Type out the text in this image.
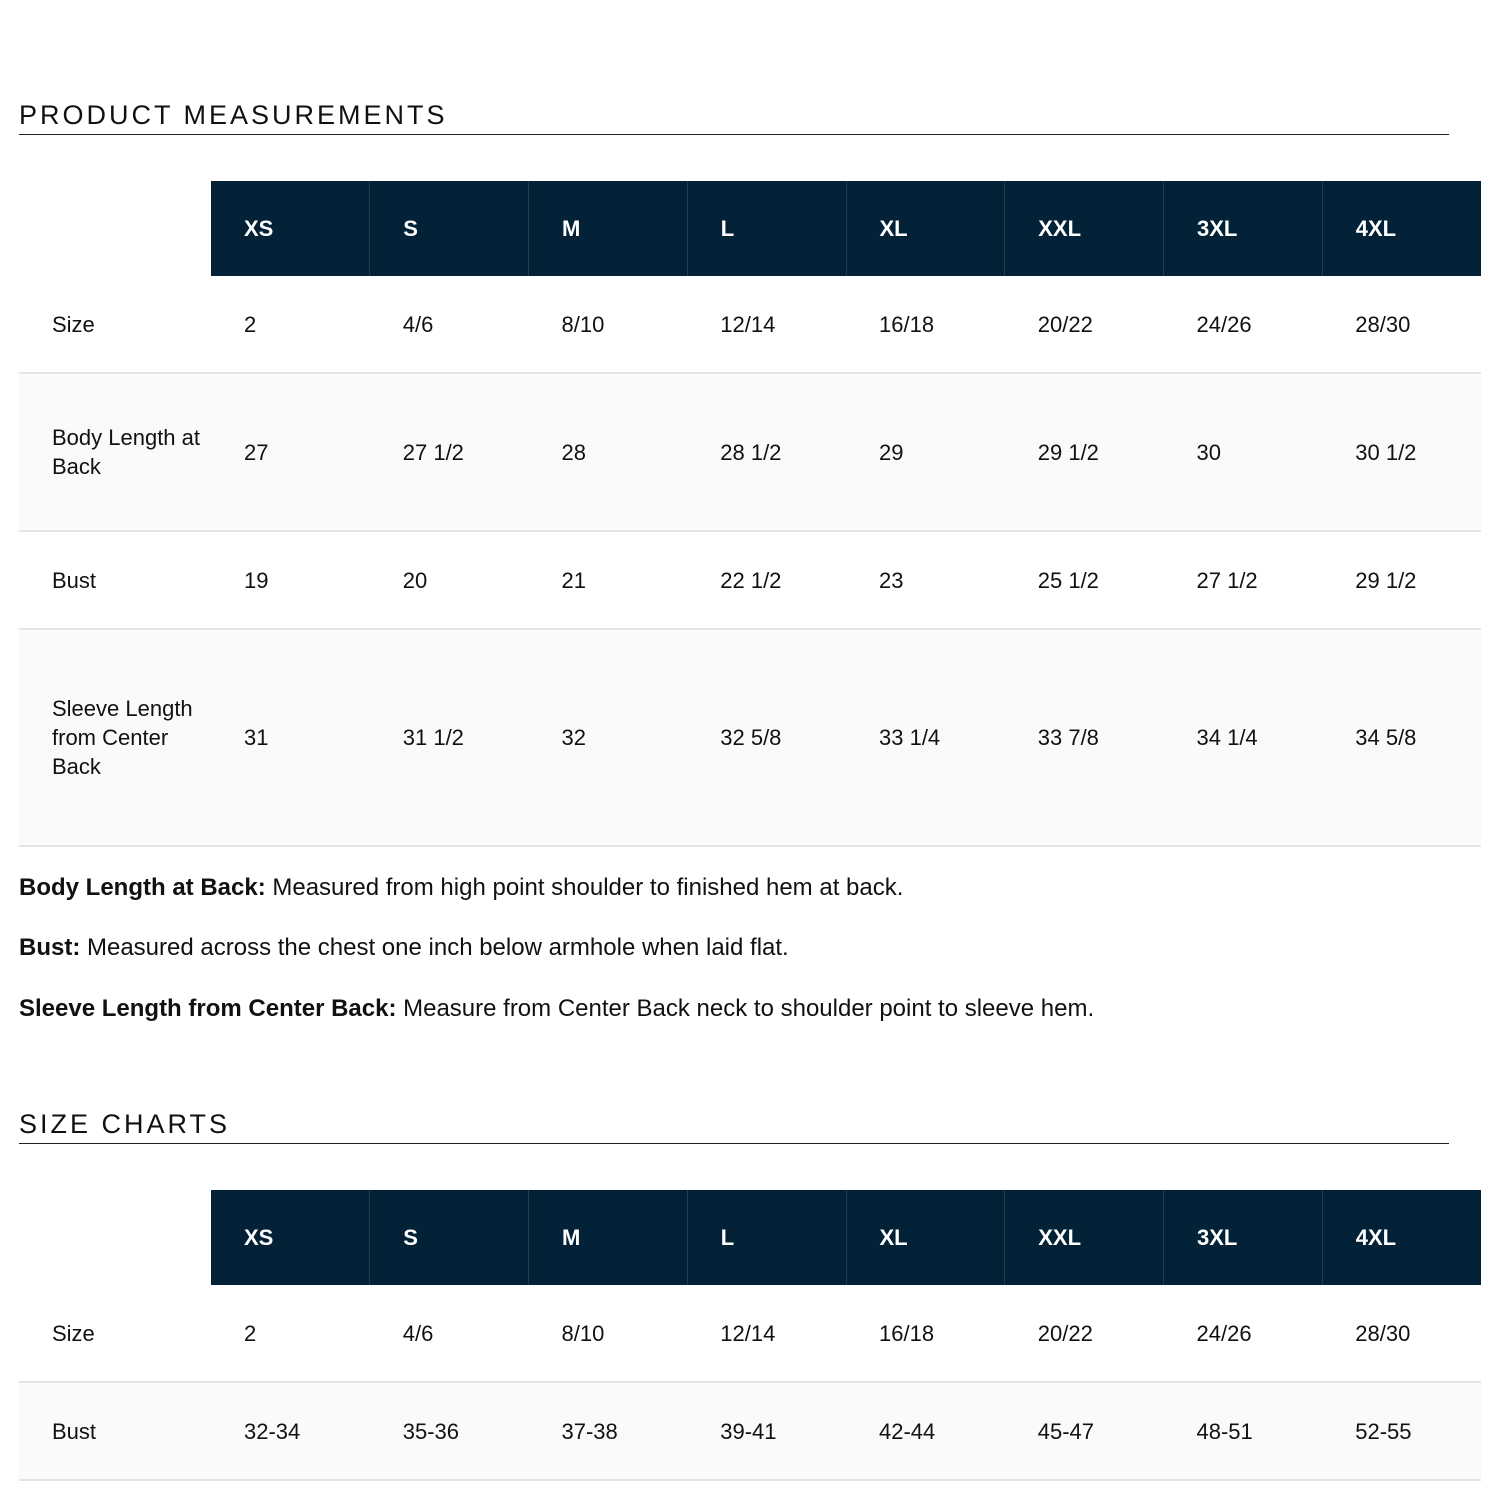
PRODUCT MEASUREMENTS
	XS	S	M	L	XL	XXL	3XL	4XL
Size	2	4/6	8/10	12/14	16/18	20/22	24/26	28/30
Body Length at Back	27	27 1/2	28	28 1/2	29	29 1/2	30	30 1/2
Bust	19	20	21	22 1/2	23	25 1/2	27 1/2	29 1/2
Sleeve Length from Center Back	31	31 1/2	32	32 5/8	33 1/4	33 7/8	34 1/4	34 5/8

Body Length at Back: Measured from high point shoulder to finished hem at back.

Bust: Measured across the chest one inch below armhole when laid flat.

Sleeve Length from Center Back: Measure from Center Back neck to shoulder point to sleeve hem.

SIZE CHARTS
	XS	S	M	L	XL	XXL	3XL	4XL
Size	2	4/6	8/10	12/14	16/18	20/22	24/26	28/30
Bust	32-34	35-36	37-38	39-41	42-44	45-47	48-51	52-55
